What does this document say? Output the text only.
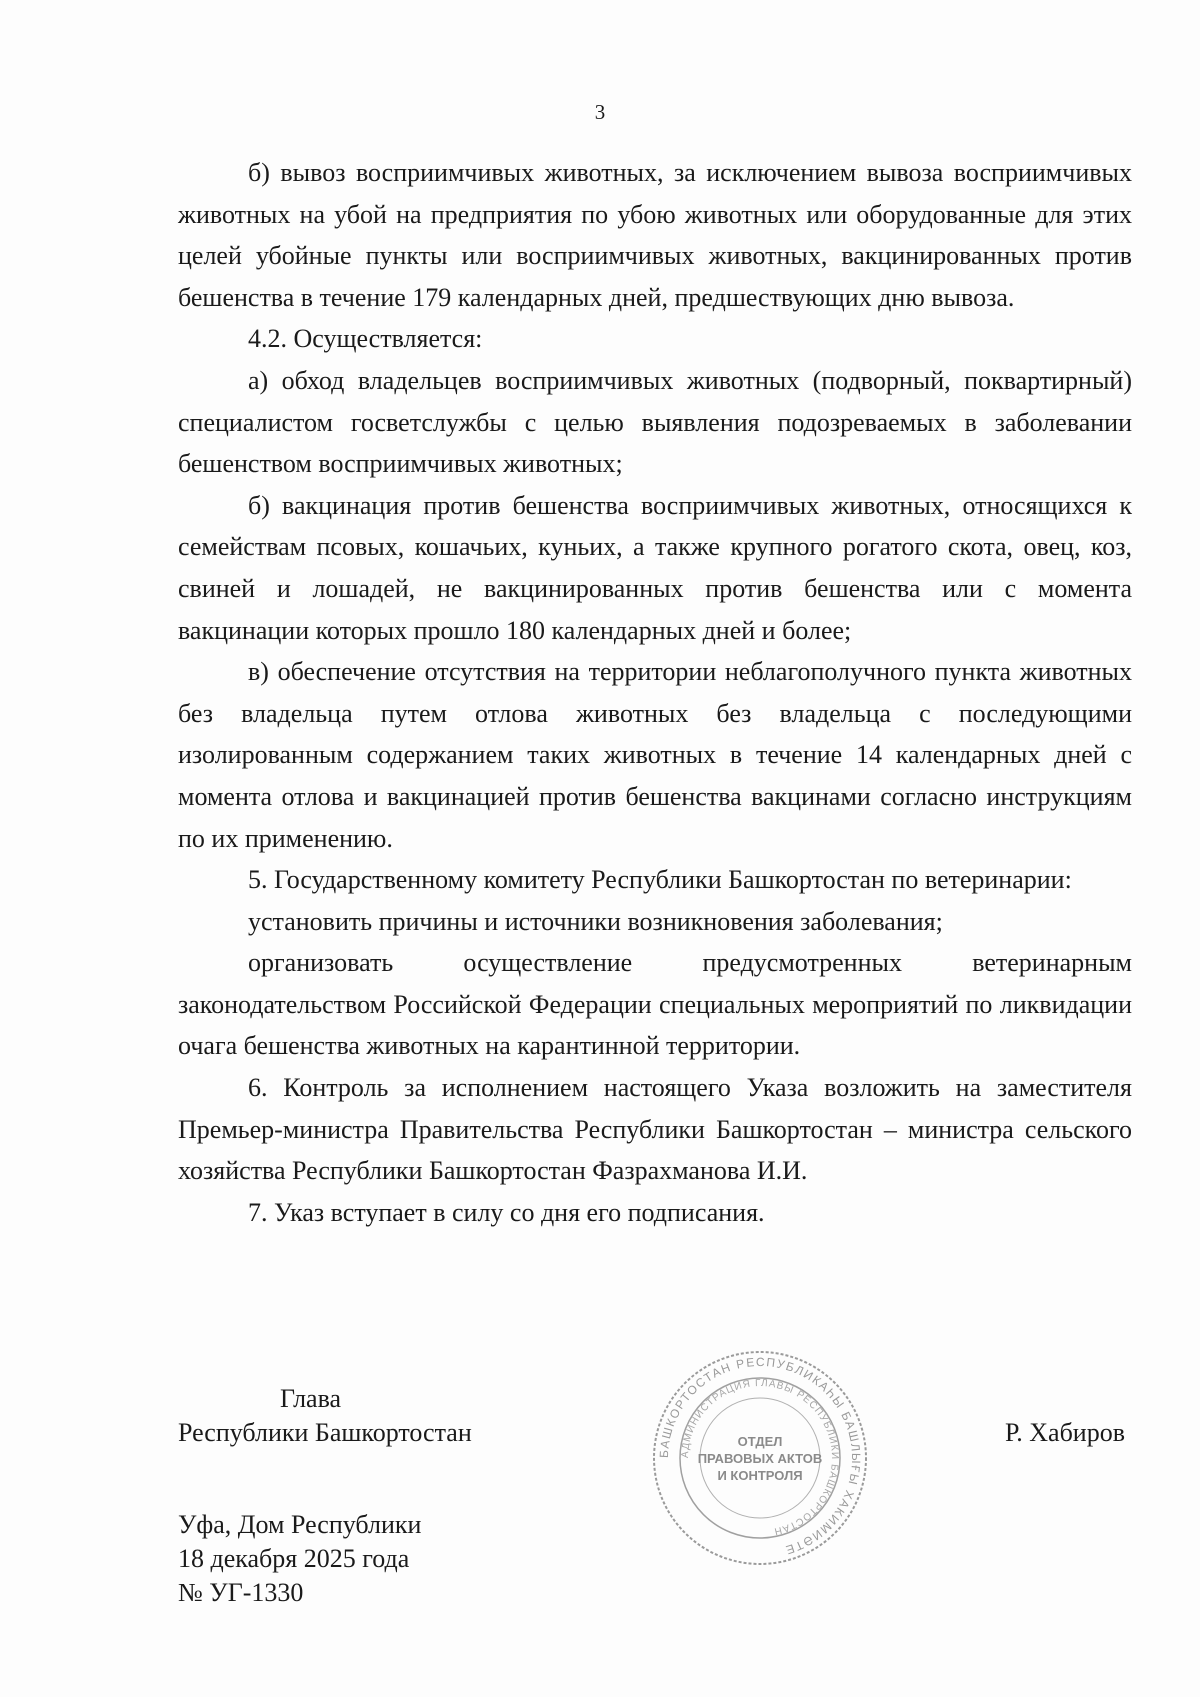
3

б) вывоз восприимчивых животных, за исключением вывоза восприимчивых животных на убой на предприятия по убою животных или оборудованные для этих целей убойные пункты или восприимчивых животных, вакцинированных против бешенства в течение 179 календарных дней, предшествующих дню вывоза.

4.2. Осуществляется:

а) обход владельцев восприимчивых животных (подворный, поквартирный) специалистом госветслужбы с целью выявления подозреваемых в заболевании бешенством восприимчивых животных;

б) вакцинация против бешенства восприимчивых животных, относящихся к семействам псовых, кошачьих, куньих, а также крупного рогатого скота, овец, коз, свиней и лошадей, не вакцинированных против бешенства или с момента вакцинации которых прошло 180 календарных дней и более;

в) обеспечение отсутствия на территории неблагополучного пункта животных без владельца путем отлова животных без владельца с последующими изолированным содержанием таких животных в течение 14 календарных дней с момента отлова и вакцинацией против бешенства вакцинами согласно инструкциям по их применению.

5. Государственному комитету Республики Башкортостан по ветеринарии:

установить причины и источники возникновения заболевания;

организовать осуществление предусмотренных ветеринарным законодательством Российской Федерации специальных мероприятий по ликвидации очага бешенства животных на карантинной территории.

6. Контроль за исполнением настоящего Указа возложить на заместителя Премьер-министра Правительства Республики Башкортостан – министра сельского хозяйства Республики Башкортостан Фазрахманова И.И.

7. Указ вступает в силу со дня его подписания.

Глава
Республики Башкортостан	Р. Хабиров
БАШКОРТОСТАН РЕСПУБЛИКАҺЫ БАШЛЫҒЫ ХАКИМИӘТЕ
АДМИНИСТРАЦИЯ ГЛАВЫ РЕСПУБЛИКИ БАШКОРТОСТАН
ОТДЕЛ
ПРАВОВЫХ АКТОВ
И КОНТРОЛЯ
Уфа, Дом Республики
18 декабря 2025 года
№ УГ-1330
